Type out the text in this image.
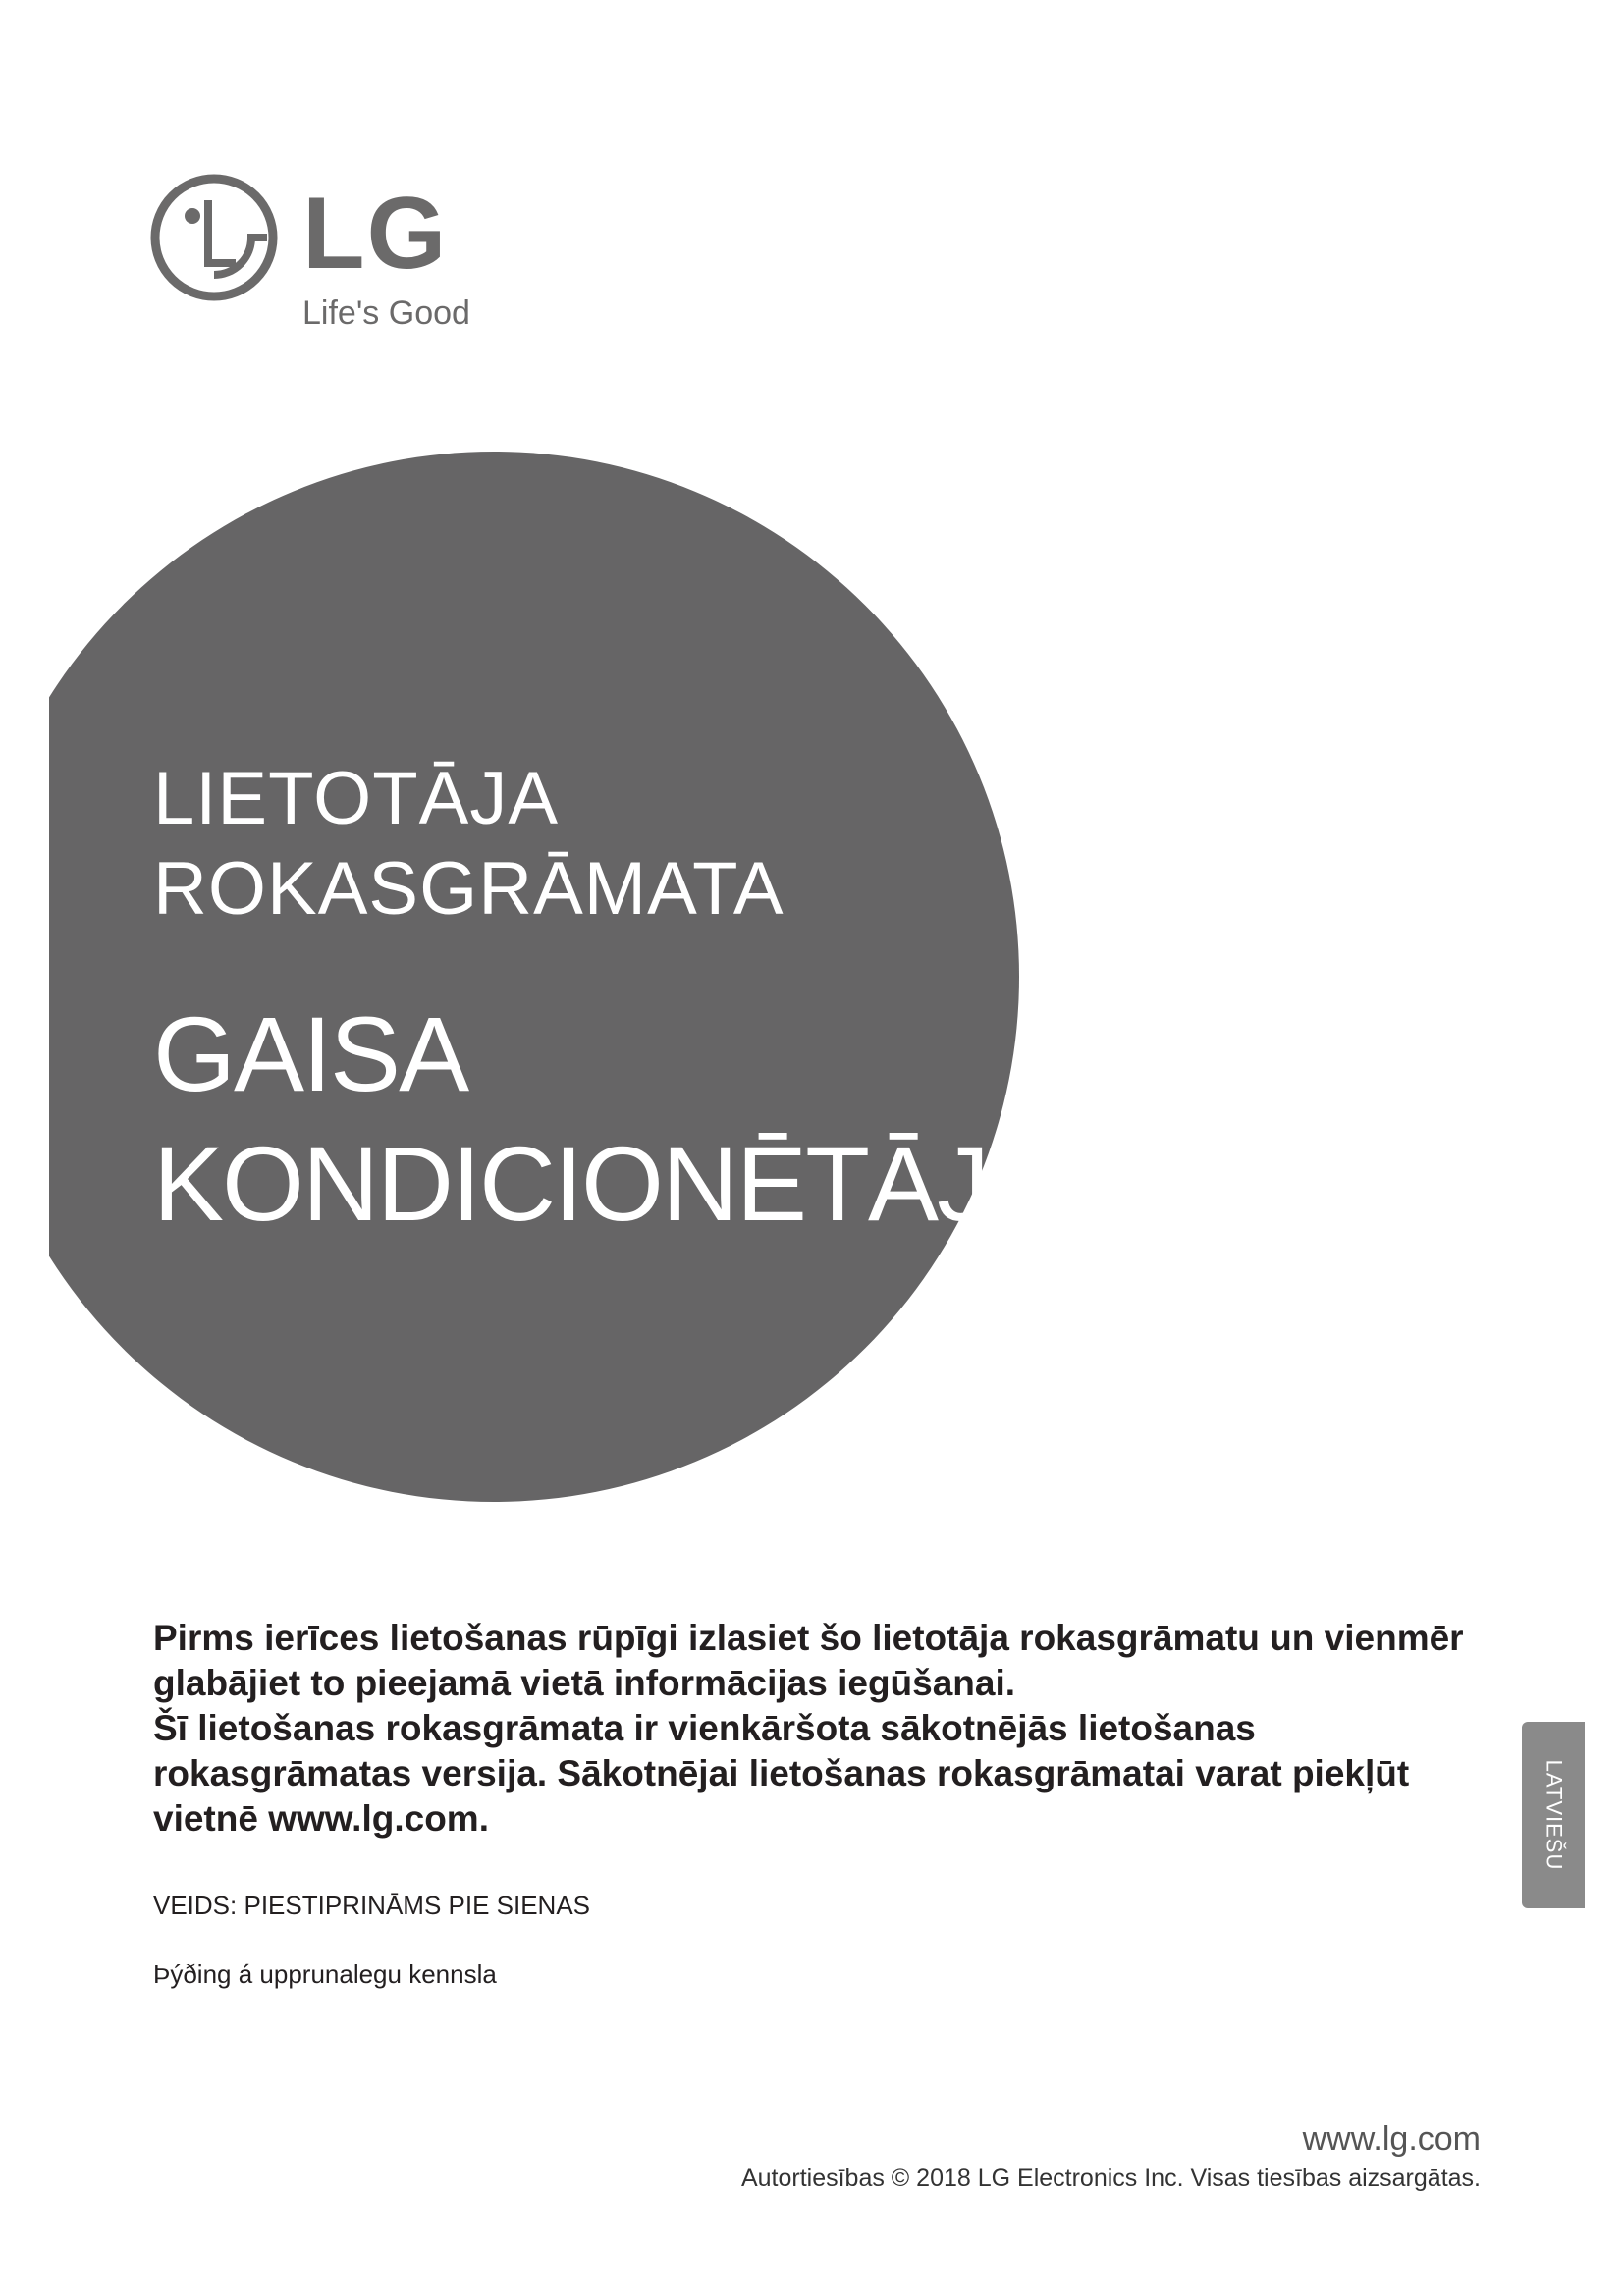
LG
Life's Good
LIETOTĀJA
ROKASGRĀMATA
GAISA
KONDICIONĒTĀJS

Pirms ierīces lietošanas rūpīgi izlasiet šo lietotāja rokasgrāmatu un vienmēr glabājiet to pieejamā vietā informācijas iegūšanai.

Šī lietošanas rokasgrāmata ir vienkāršota sākotnējās lietošanas rokasgrāmatas versija. Sākotnējai lietošanas rokasgrāmatai varat piekļūt vietnē www.lg.com.	LATVIEŠU
VEIDS: PIESTIPRINĀMS PIE SIENAS
Þýðing á upprunalegu kennsla
www.lg.com
Autortiesības © 2018 LG Electronics Inc. Visas tiesības aizsargātas.
